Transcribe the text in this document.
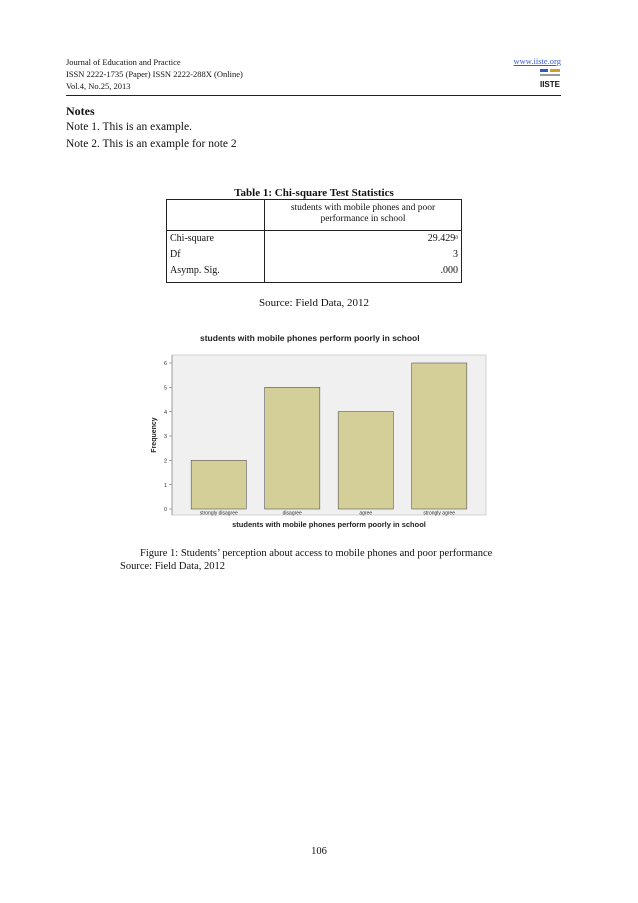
Journal of Education and Practice
ISSN 2222-1735 (Paper) ISSN 2222-288X (Online)
Vol.4, No.25, 2013
www.iiste.org
IISTE
Notes
Note 1. This is an example.
Note 2. This is an example for note 2
Table 1: Chi-square Test Statistics
students with mobile phones and poor performance in school
Chi-square	29.429ᵃ
Df	3
Asymp. Sig.	.000
Source: Field Data, 2012
students with mobile phones perform poorly in school
0
1
2
3
4
5
6
strongly disagree	disagree	agree	strongly agree
Frequency
students with mobile phones perform poorly in school
Figure 1: Students’ perception about access to mobile phones and poor performance
Source: Field Data, 2012
106
